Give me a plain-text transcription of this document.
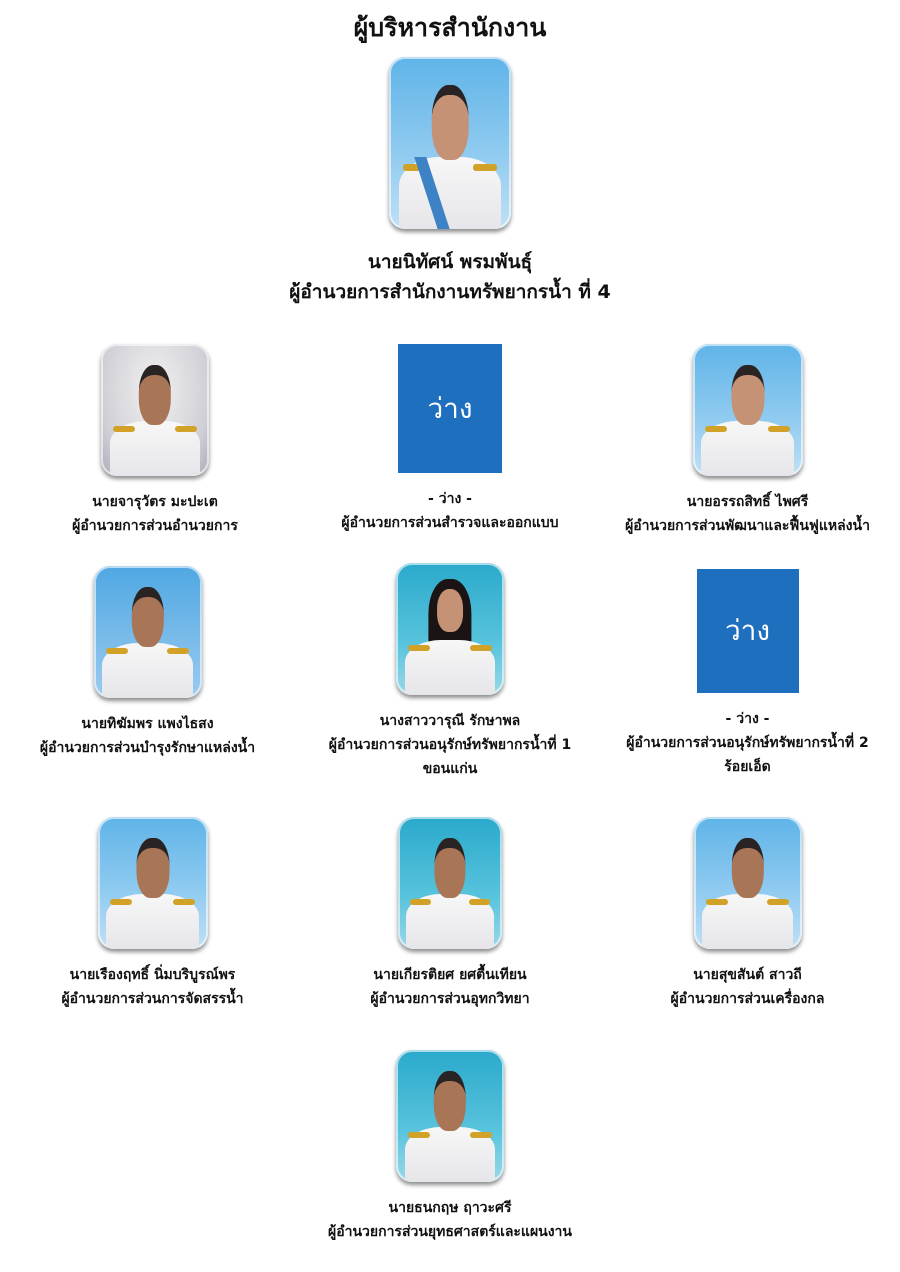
ผู้บริหารสำนักงาน
นายนิทัศน์ พรมพันธุ์
ผู้อำนวยการสำนักงานทรัพยากรน้ำ ที่ 4
นายจารุวัตร มะปะเต
ผู้อำนวยการส่วนอำนวยการ
ว่าง
- ว่าง -
ผู้อำนวยการส่วนสำรวจและออกแบบ
นายอรรถสิทธิ์ ไพศรี
ผู้อำนวยการส่วนพัฒนาและฟื้นฟูแหล่งน้ำ
นายทิฆัมพร แพงไธสง
ผู้อำนวยการส่วนบำรุงรักษาแหล่งน้ำ
นางสาววารุณี รักษาพล
ผู้อำนวยการส่วนอนุรักษ์ทรัพยากรน้ำที่ 1
ขอนแก่น
ว่าง
- ว่าง -
ผู้อำนวยการส่วนอนุรักษ์ทรัพยากรน้ำที่ 2
ร้อยเอ็ด
นายเรืองฤทธิ์ นิ่มบริบูรณ์พร
ผู้อำนวยการส่วนการจัดสรรน้ำ
นายเกียรติยศ ยศตื้นเทียน
ผู้อำนวยการส่วนอุทกวิทยา
นายสุขสันต์ สาวถี
ผู้อำนวยการส่วนเครื่องกล
นายธนกฤษ ฤาวะศรี
ผู้อำนวยการส่วนยุทธศาสตร์และแผนงาน
